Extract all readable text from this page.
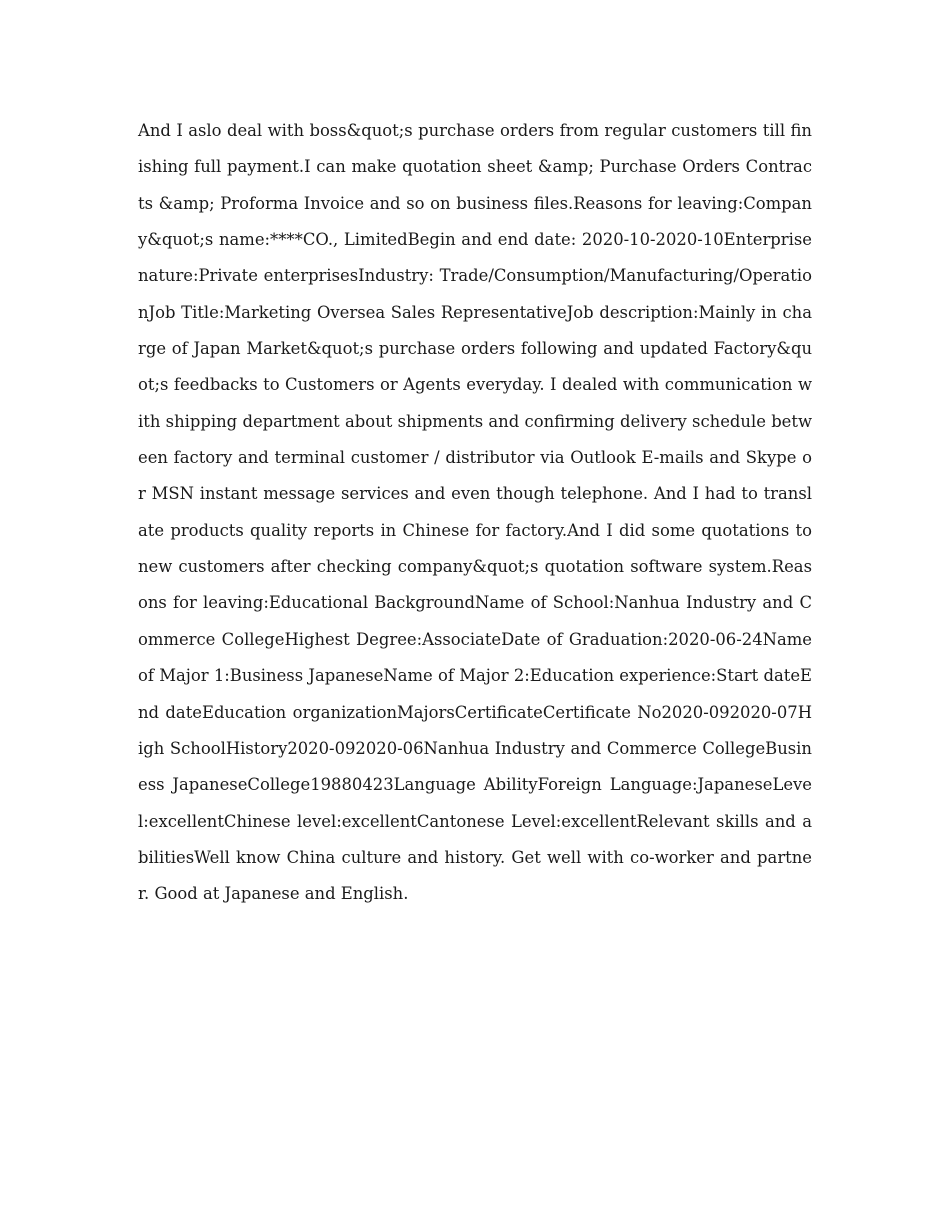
And I aslo deal with boss&quot;s purchase orders from regular customers till finishing full payment.I can make quotation sheet &amp; Purchase Orders Contracts &amp; Proforma Invoice and so on business files.Reasons for leaving:Company&quot;s name:****CO., LimitedBegin and end date: 2020-10-2020-10Enterprise nature:Private enterprisesIndustry: Trade/Consumption/Manufacturing/OperationJob Title:Marketing Oversea Sales RepresentativeJob description:Mainly in charge of Japan Market&quot;s purchase orders following and updated Factory&quot;s feedbacks to Customers or Agents everyday. I dealed with communication with shipping department about shipments and confirming delivery schedule between factory and terminal customer / distributor via Outlook E-mails and Skype or MSN instant message services and even though telephone. And I had to translate products quality reports in Chinese for factory.And I did some quotations to new customers after checking company&quot;s quotation software system.Reasons for leaving:Educational BackgroundName of School:Nanhua Industry and Commerce CollegeHighest Degree:AssociateDate of Graduation:2020-06-24Name of Major 1:Business JapaneseName of Major 2:Education experience:Start dateEnd dateEducation organizationMajorsCertificateCertificate No2020-092020-07High SchoolHistory2020-092020-06Nanhua Industry and Commerce CollegeBusiness JapaneseCollege19880423Language AbilityForeign Language:JapaneseLevel:excellentChinese level:excellentCantonese Level:excellentRelevant skills and abilitiesWell know China culture and history. Get well with co-worker and partner. Good at Japanese and English.
